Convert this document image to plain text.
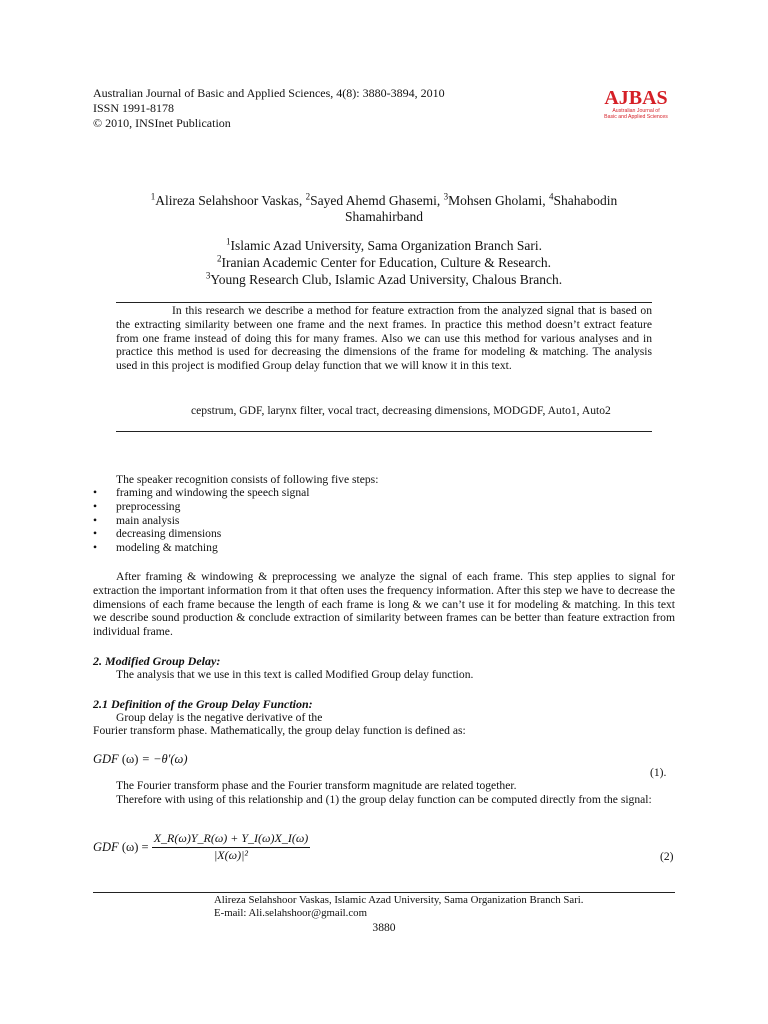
Australian Journal of Basic and Applied Sciences, 4(8): 3880-3894, 2010
ISSN 1991-8178
© 2010, INSInet Publication
AJBAS
Australian Journal of
Basic and Applied Sciences
$^1$Alireza Selahshoor Vaskas, $^2$Sayed Ahemd Ghasemi, $^3$Mohsen Gholami, $^4$Shahabodin
Shamahirband
$^1$Islamic Azad University, Sama Organization Branch Sari.
$^2$Iranian Academic Center for Education, Culture & Research.
$^3$Young Research Club, Islamic Azad University, Chalous Branch.
In this research we describe a method for feature extraction from the analyzed signal that is based on the extracting similarity between one frame and the next frames. In practice this method doesn’t extract feature from one frame instead of doing this for many frames. Also we can use this method for various analyses and in practice this method is used for decreasing the dimensions of the frame for modeling & matching. The analysis used in this project is modified Group delay function that we will know it in this text.
cepstrum, GDF, larynx filter, vocal tract, decreasing dimensions, MODGDF, Auto1, Auto2
The speaker recognition consists of following five steps:
• framing and windowing the speech signal
• preprocessing
• main analysis
• decreasing dimensions
• modeling & matching
After framing & windowing & preprocessing we analyze the signal of each frame. This step applies to signal for extraction the important information from it that often uses the frequency information. After this step we have to decrease the dimensions of each frame because the length of each frame is long & we can’t use it for modeling & matching. In this text we describe sound production & conclude extraction of similarity between frames can be better than feature extraction from individual frame.
2. Modified Group Delay:
The analysis that we use in this text is called Modified Group delay function.
2.1 Definition of the Group Delay Function:
Group delay is the negative derivative of the
Fourier transform phase. Mathematically, the group delay function is defined as:
GDF (ω) = −θ′(ω)
(1).
The Fourier transform phase and the Fourier transform magnitude are related together.
Therefore with using of this relationship and (1) the group delay function can be computed directly from the signal:
GDF
(ω) =
$\frac{X\_R(\omega)Y\_R(\omega) + Y\_I(\omega)X\_I(\omega)}{\text{|X(ω)|²}}$	(2)
Alireza Selahshoor Vaskas, Islamic Azad University, Sama Organization Branch Sari.
E-mail: Ali.selahshoor@gmail.com
3880
